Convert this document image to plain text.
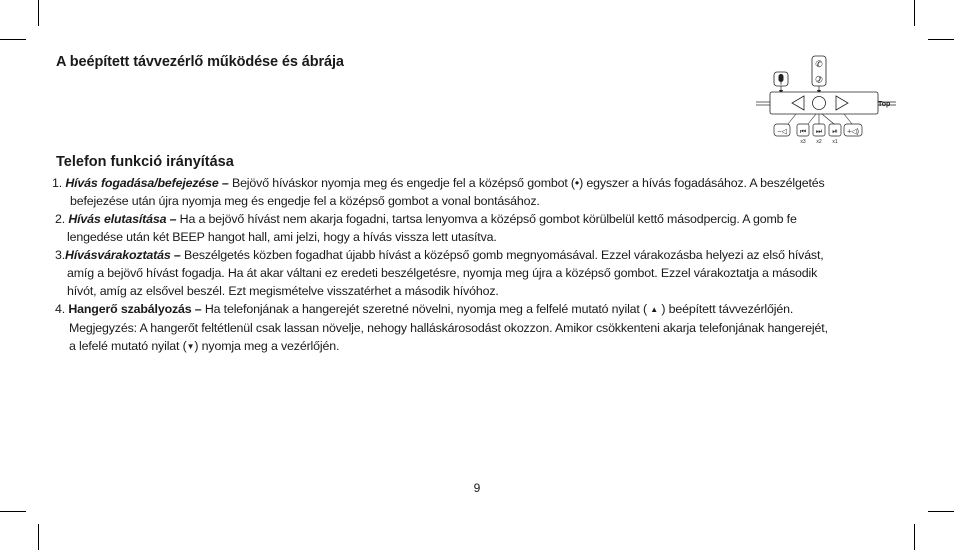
A beépített távvezérlő működése és ábrája	✆
✆
−◁ ⏮ ⏭ ⏯ +◁)
x3 x2 x1
Top
Telefon funkció irányítása
1. Hívás fogadása/befejezése – Bejövő híváskor nyomja meg és engedje fel a középső gombot (•) egyszer a hívás fogadásához. A beszélgetés
befejezése után újra nyomja meg és engedje fel a középső gombot a vonal bontásához.
2. Hívás elutasítása – Ha a bejövő hívást nem akarja fogadni, tartsa lenyomva a középső gombot körülbelül kettő másodpercig. A gomb fe
lengedése után két BEEP hangot hall, ami jelzi, hogy a hívás vissza lett utasítva.
3.Hívásvárakoztatás – Beszélgetés közben fogadhat újabb hívást a középső gomb megnyomásával. Ezzel várakozásba helyezi az első hívást,
amíg a bejövő hívást fogadja. Ha át akar váltani ez eredeti beszélgetésre, nyomja meg újra a középső gombot. Ezzel várakoztatja a második
hívót, amíg az elsővel beszél. Ezt megismételve visszatérhet a második hívóhoz.
4. Hangerő szabályozás – Ha telefonjának a hangerejét szeretné növelni, nyomja meg a felfelé mutató nyilat ( ▲ ) beépített távvezérlőjén.
Megjegyzés: A hangerőt feltétlenül csak lassan növelje, nehogy halláskárosodást okozzon. Amikor csökkenteni akarja telefonjának hangerejét,
a lefelé mutató nyilat (▼) nyomja meg a vezérlőjén.
9
